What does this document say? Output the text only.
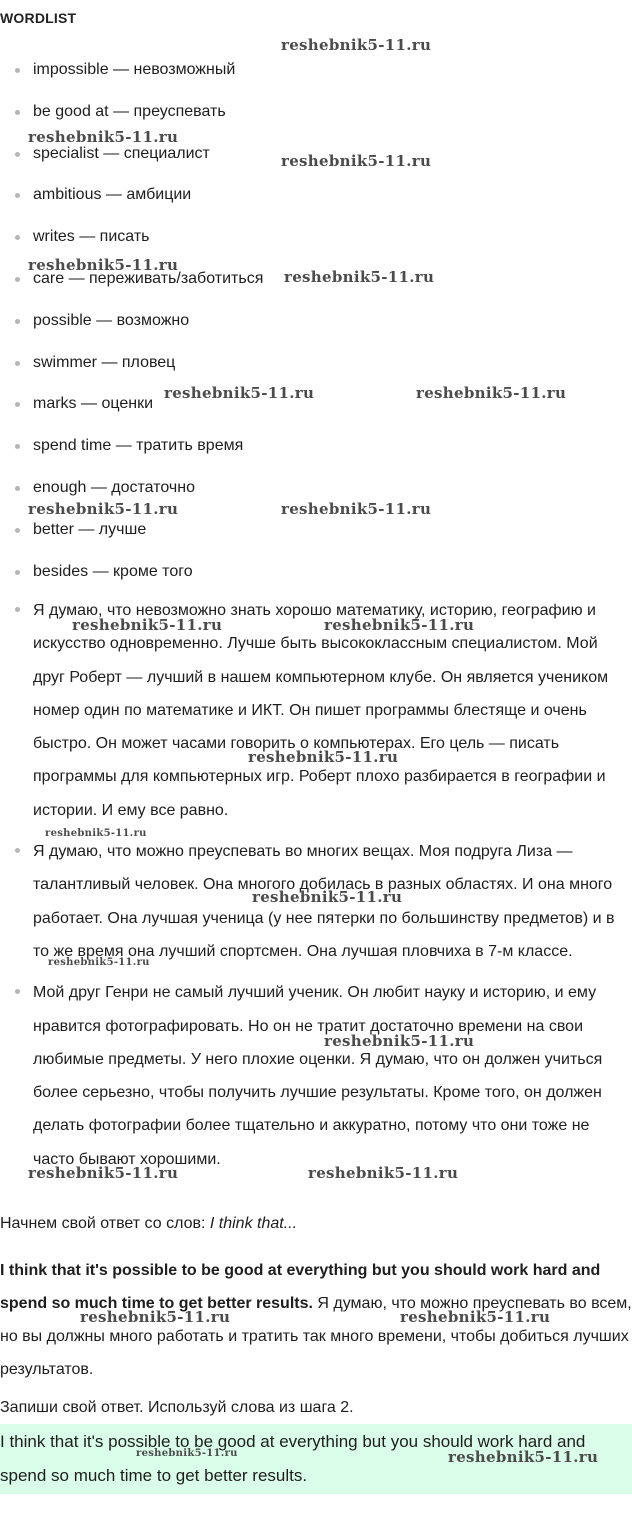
WORDLIST
impossible — невозможный
be good at — преуспевать
specialist — специалист
ambitious — амбиции
writes — писать
care — переживать/заботиться
possible — возможно
swimmer — пловец
marks — оценки
spend time — тратить время
enough — достаточно
better — лучше
besides — кроме того
Я думаю, что невозможно знать хорошо математику, историю, географию и искусство одновременно. Лучше быть высококлассным специалистом. Мой друг Роберт — лучший в нашем компьютерном клубе. Он является учеником номер один по математике и ИКТ. Он пишет программы блестяще и очень быстро. Он может часами говорить о компьютерах. Его цель — писать программы для компьютерных игр. Роберт плохо разбирается в географии и истории. И ему все равно.
Я думаю, что можно преуспевать во многих вещах. Моя подруга Лиза — талантливый человек. Она многого добилась в разных областях. И она много работает. Она лучшая ученица (у нее пятерки по большинству предметов) и в то же время она лучший спортсмен. Она лучшая пловчиха в 7-м классе.
Мой друг Генри не самый лучший ученик. Он любит науку и историю, и ему нравится фотографировать. Но он не тратит достаточно времени на свои любимые предметы. У него плохие оценки. Я думаю, что он должен учиться более серьезно, чтобы получить лучшие результаты. Кроме того, он должен делать фотографии более тщательно и аккуратно, потому что они тоже не часто бывают хорошими.
Начнем свой ответ со слов: I think that...
I think that it's possible to be good at everything but you should work hard and spend so much time to get better results. Я думаю, что можно преуспевать во всем, но вы должны много работать и тратить так много времени, чтобы добиться лучших результатов.
Запиши свой ответ. Используй слова из шага 2.
I think that it's possible to be good at everything but you should work hard and spend so much time to get better results.
reshebnik5-11.ru
reshebnik5-11.ru
reshebnik5-11.ru
reshebnik5-11.ru
reshebnik5-11.ru
reshebnik5-11.ru	reshebnik5-11.ru
reshebnik5-11.ru	reshebnik5-11.ru
reshebnik5-11.ru	reshebnik5-11.ru
reshebnik5-11.ru
reshebnik5-11.ru
reshebnik5-11.ru
reshebnik5-11.ru
reshebnik5-11.ru
reshebnik5-11.ru	reshebnik5-11.ru
reshebnik5-11.ru	reshebnik5-11.ru
reshebnik5-11.ru	reshebnik5-11.ru
